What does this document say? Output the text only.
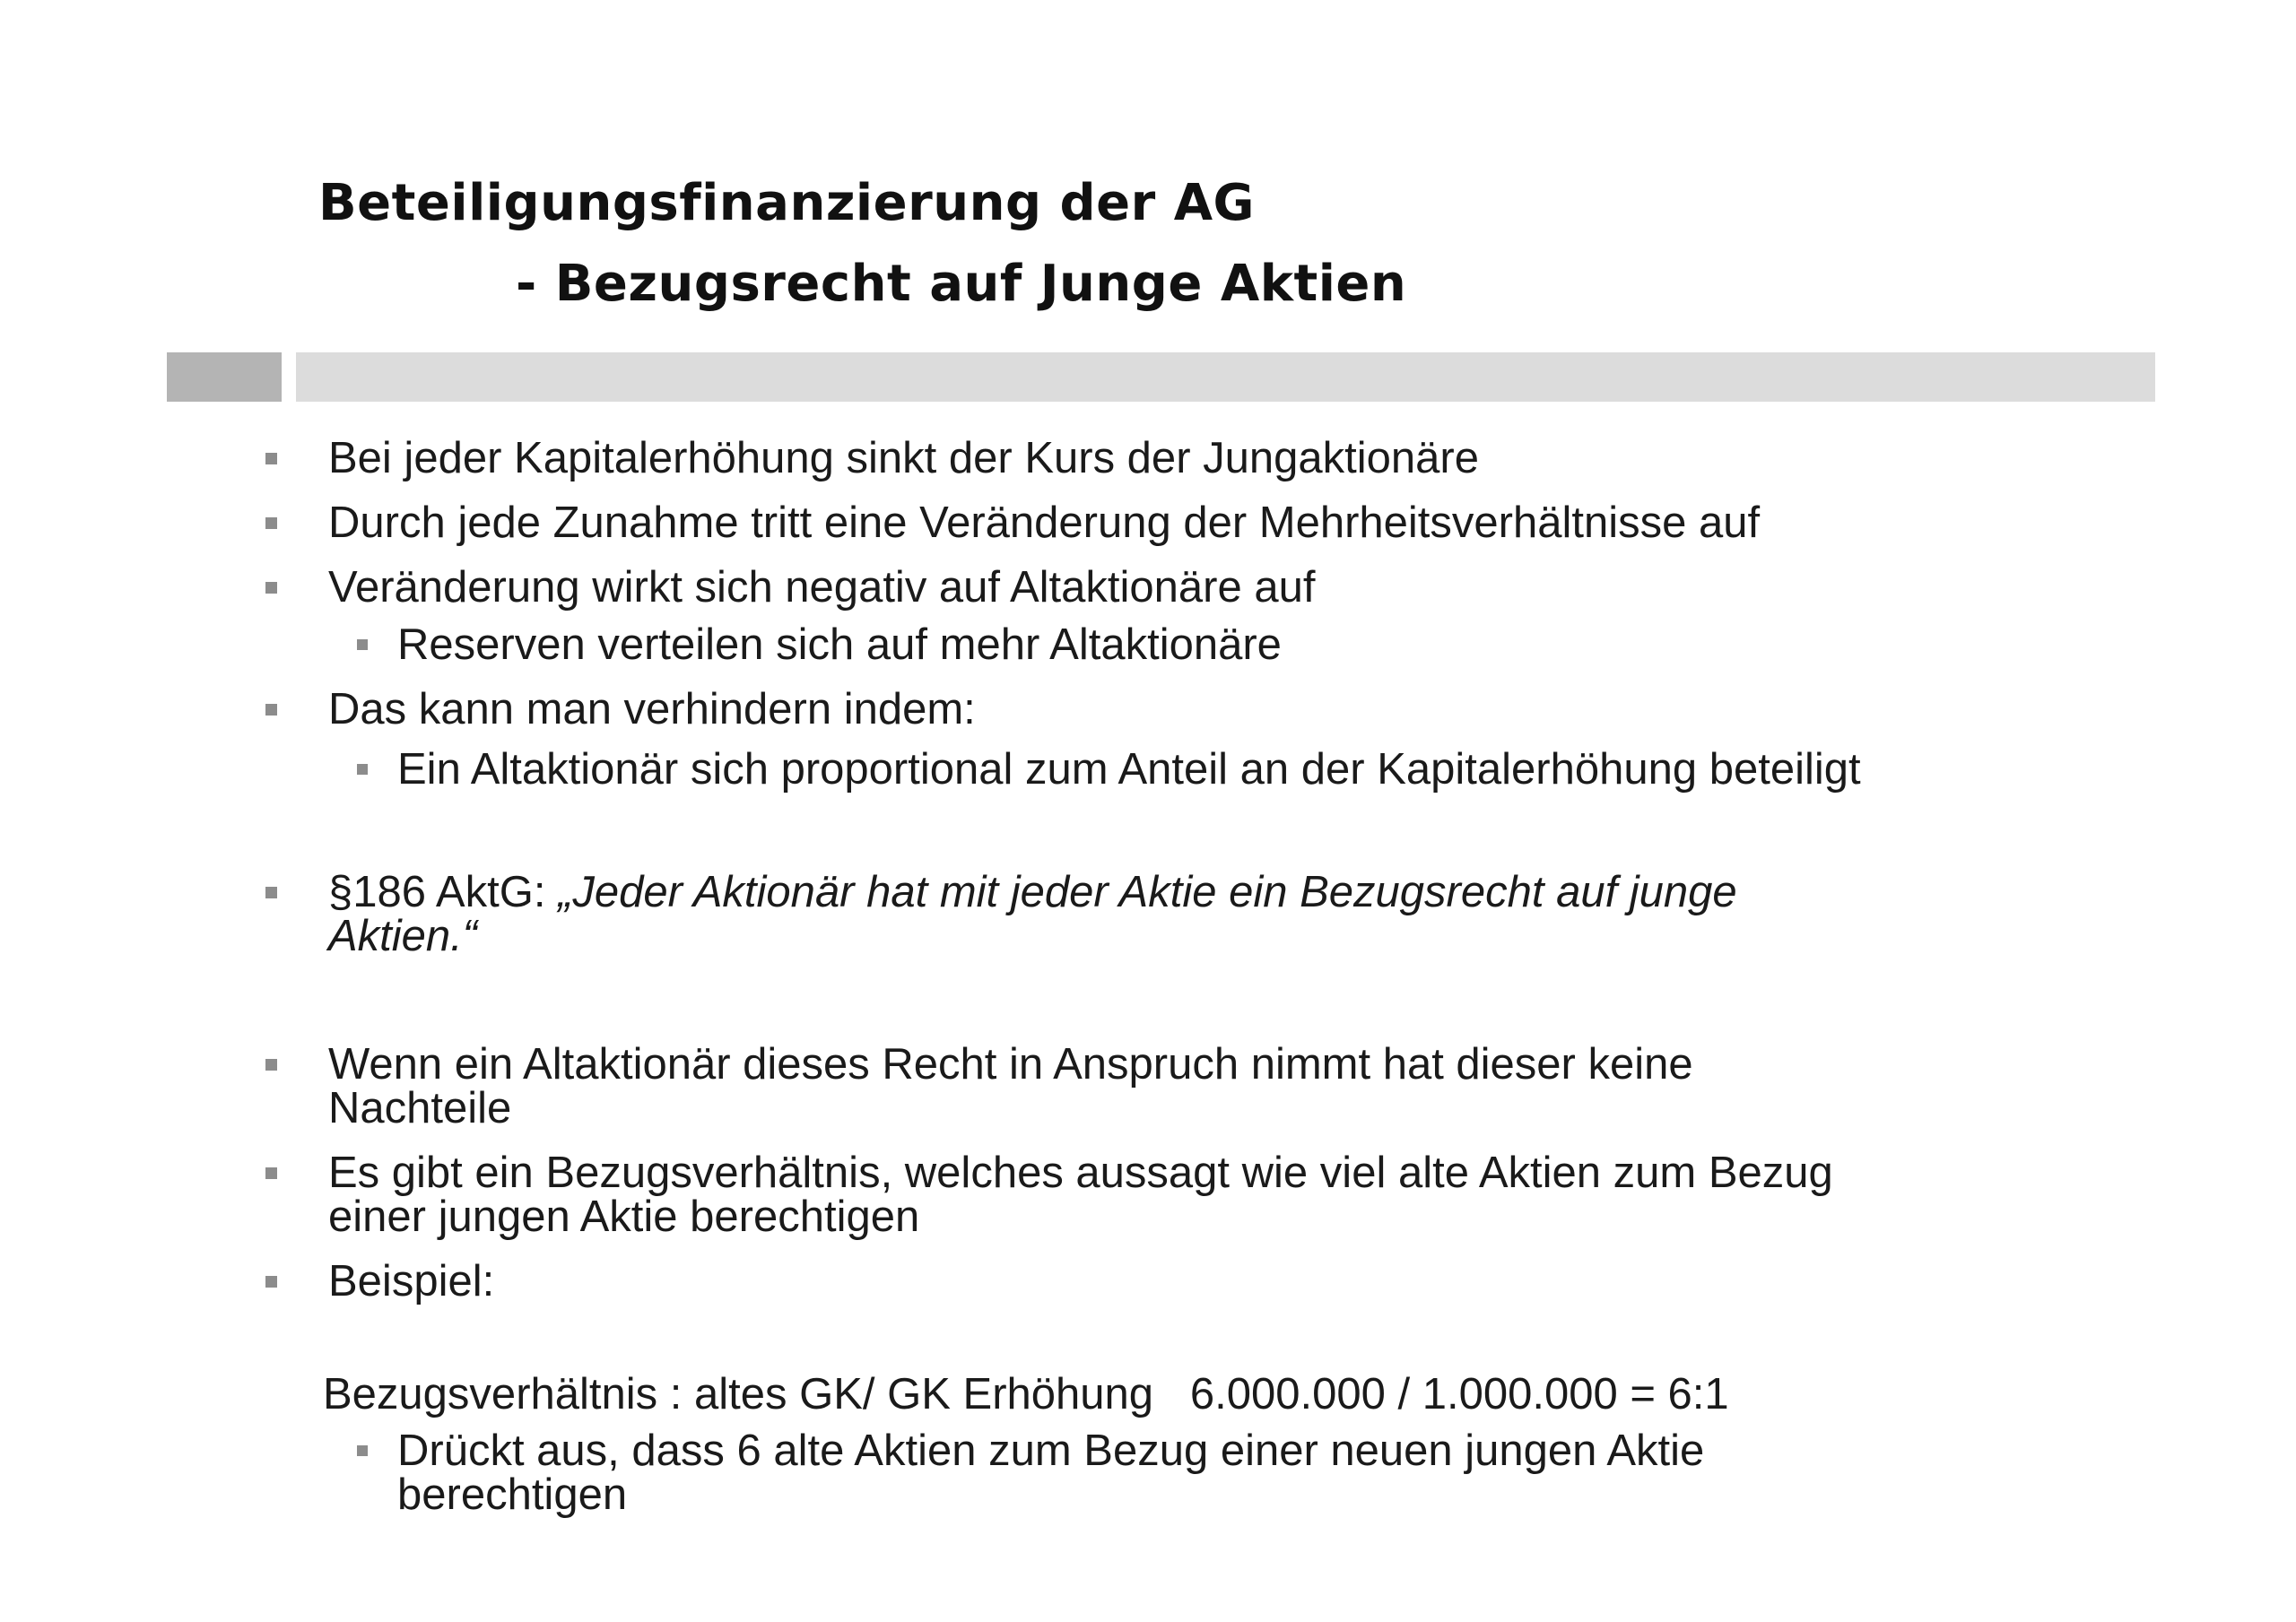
Beteiligungsfinanzierung der AG
- Bezugsrecht auf Junge Aktien
Bei jeder Kapitalerhöhung sinkt der Kurs der Jungaktionäre
Durch jede Zunahme tritt eine Veränderung der Mehrheitsverhältnisse auf
Veränderung wirkt sich negativ auf Altaktionäre auf
Reserven verteilen sich auf mehr Altaktionäre
Das kann man verhindern indem:
Ein Altaktionär sich proportional zum Anteil an der Kapitalerhöhung beteiligt
§186 AktG: „Jeder Aktionär hat mit jeder Aktie ein Bezugsrecht auf junge
Aktien.“
Wenn ein Altaktionär dieses Recht in Anspruch nimmt hat dieser keine
Nachteile
Es gibt ein Bezugsverhältnis, welches aussagt wie viel alte Aktien zum Bezug
einer jungen Aktie berechtigen
Beispiel:
Bezugsverhältnis : altes GK/ GK Erhöhung   6.000.000 / 1.000.000 = 6:1
Drückt aus, dass 6 alte Aktien zum Bezug einer neuen jungen Aktie
berechtigen
